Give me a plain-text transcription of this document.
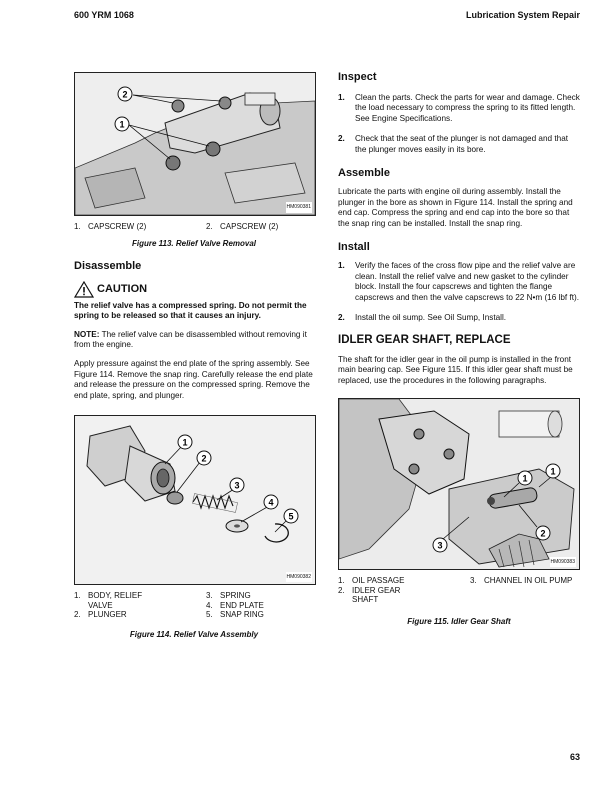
600 YRM 1068	Lubrication System Repair
2
1
HM090381
1. CAPSCREW (2)	2. CAPSCREW (2)
Figure 113. Relief Valve Removal
Disassemble
CAUTION

The relief valve has a compressed spring. Do not permit the spring to be released so that it causes an injury.

NOTE: The relief valve can be disassembled without removing it from the engine.

Apply pressure against the end plate of the spring assembly. See Figure 114. Remove the snap ring. Carefully release the end plate and release the pressure on the compressed spring. Remove the end plate, spring, and plunger.

1
2
3
4
5
HM090382
1. BODY, RELIEF VALVE
2. PLUNGER
3. SPRING
4. END PLATE
5. SNAP RING
Figure 114. Relief Valve Assembly
Inspect
1.	Clean the parts. Check the parts for wear and damage. Check the load necessary to compress the spring to its fitted length. See Engine Specifications.
2.	Check that the seat of the plunger is not damaged and that the plunger moves easily in its bore.
Assemble

Lubricate the parts with engine oil during assembly. Install the plunger in the bore as shown in Figure 114. Install the spring and end cap. Compress the spring and end cap into the bore so that the snap ring can be installed. Install the snap ring.

Install
1.	Verify the faces of the cross flow pipe and the relief valve are clean. Install the relief valve and new gasket to the cylinder block. Install the four capscrews and tighten the flange capscrews and then the valve capscrews to 22 N•m (16 lbf ft).
2.	Install the oil sump. See Oil Sump, Install.
IDLER GEAR SHAFT, REPLACE

The shaft for the idler gear in the oil pump is installed in the front main bearing cap. See Figure 115. If this idler gear shaft must be replaced, use the procedures in the following paragraphs.

1
1
2
3
HM090383
1. OIL PASSAGE
2. IDLER GEAR SHAFT
3. CHANNEL IN OIL PUMP
Figure 115. Idler Gear Shaft
63
